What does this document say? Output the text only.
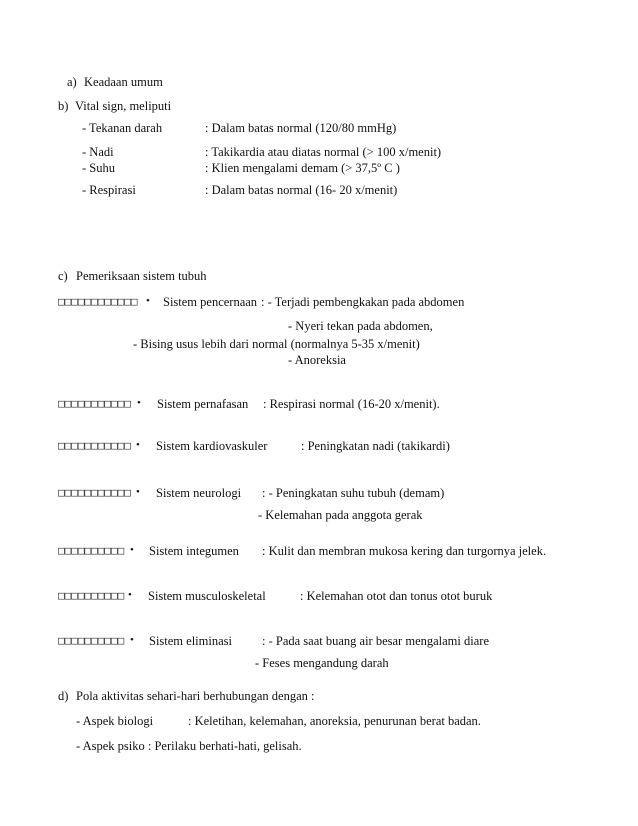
a) Keadaan umum
b) Vital sign, meliputi
- Tekanan darah	: Dalam batas normal (120/80 mmHg)
- Nadi	: Takikardia atau diatas normal (> 100 x/menit)
- Suhu	: Klien mengalami demam (> 37,5º C )
- Respirasi	: Dalam batas normal (16- 20 x/menit)
c) Pemeriksaan sistem tubuh
□□□□□□□□□□□□ • Sistem pencernaan : - Terjadi pembengkakan pada abdomen
- Nyeri tekan pada abdomen,
- Bising usus lebih dari normal (normalnya 5-35 x/menit)
- Anoreksia
□□□□□□□□□□□ • Sistem pernafasan : Respirasi normal (16-20 x/menit).
□□□□□□□□□□□ • Sistem kardiovaskuler	: Peningkatan nadi (takikardi)
□□□□□□□□□□□ • Sistem neurologi : - Peningkatan suhu tubuh (demam)
- Kelemahan pada anggota gerak
□□□□□□□□□□ • Sistem integumen : Kulit dan membran mukosa kering dan turgornya jelek.
□□□□□□□□□□ • Sistem musculoskeletal	: Kelemahan otot dan tonus otot buruk
□□□□□□□□□□ • Sistem eliminasi : - Pada saat buang air besar mengalami diare
- Feses mengandung darah
d) Pola aktivitas sehari-hari berhubungan dengan :
- Aspek biologi	: Keletihan, kelemahan, anoreksia, penurunan berat badan.
- Aspek psiko : Perilaku berhati-hati, gelisah.
